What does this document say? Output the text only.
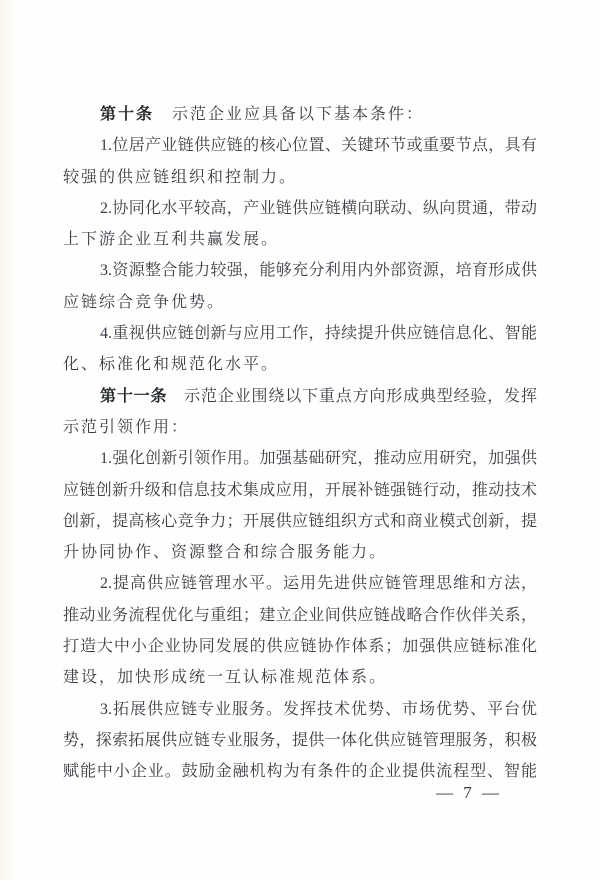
第十条　示范企业应具备以下基本条件：
1.位居产业链供应链的核心位置、关键环节或重要节点，具有
较强的供应链组织和控制力。
2.协同化水平较高，产业链供应链横向联动、纵向贯通，带动
上下游企业互利共赢发展。
3.资源整合能力较强，能够充分利用内外部资源，培育形成供
应链综合竞争优势。
4.重视供应链创新与应用工作，持续提升供应链信息化、智能
化、标准化和规范化水平。
第十一条　示范企业围绕以下重点方向形成典型经验，发挥
示范引领作用：
1.强化创新引领作用。加强基础研究，推动应用研究，加强供
应链创新升级和信息技术集成应用，开展补链强链行动，推动技术
创新，提高核心竞争力；开展供应链组织方式和商业模式创新，提
升协同协作、资源整合和综合服务能力。
2.提高供应链管理水平。运用先进供应链管理思维和方法，
推动业务流程优化与重组；建立企业间供应链战略合作伙伴关系，
打造大中小企业协同发展的供应链协作体系；加强供应链标准化
建设，加快形成统一互认标准规范体系。
3.拓展供应链专业服务。发挥技术优势、市场优势、平台优
势，探索拓展供应链专业服务，提供一体化供应链管理服务，积极
赋能中小企业。鼓励金融机构为有条件的企业提供流程型、智能
— 7 —
